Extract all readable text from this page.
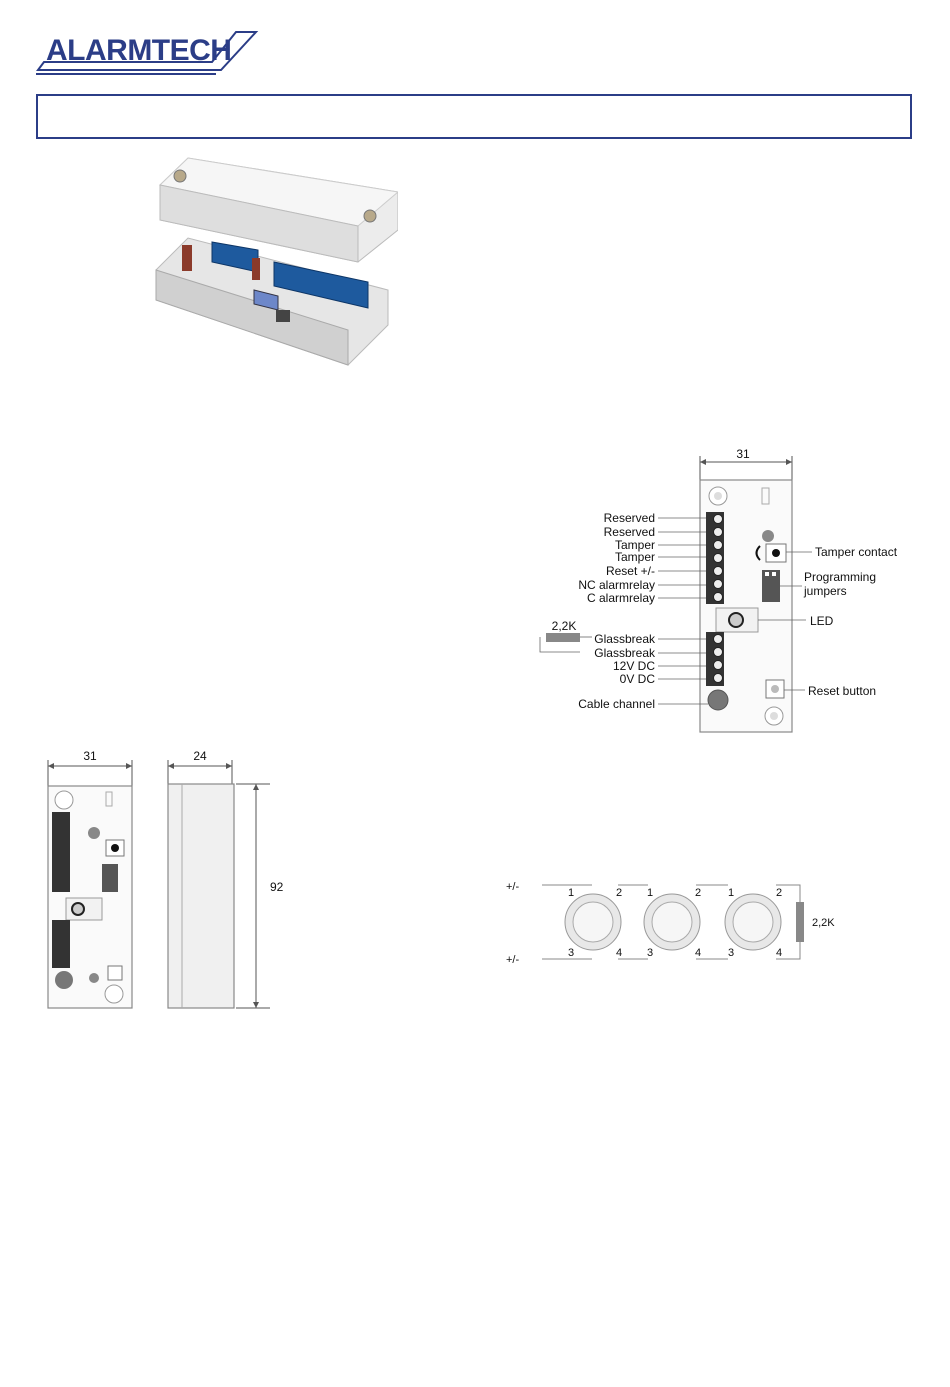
ALARMTECH
31
Reserved
Reserved
Tamper
Tamper
Reset +/-
NC alarmrelay
C alarmrelay
2,2K
Glassbreak
Glassbreak
12V DC
0V DC
Cable channel
Tamper contact
Programming
jumpers
LED
Reset button
31	24
92	+/-
+/-
2,2K
1	2
3	4
1	2
3	4
1	2
3	4
